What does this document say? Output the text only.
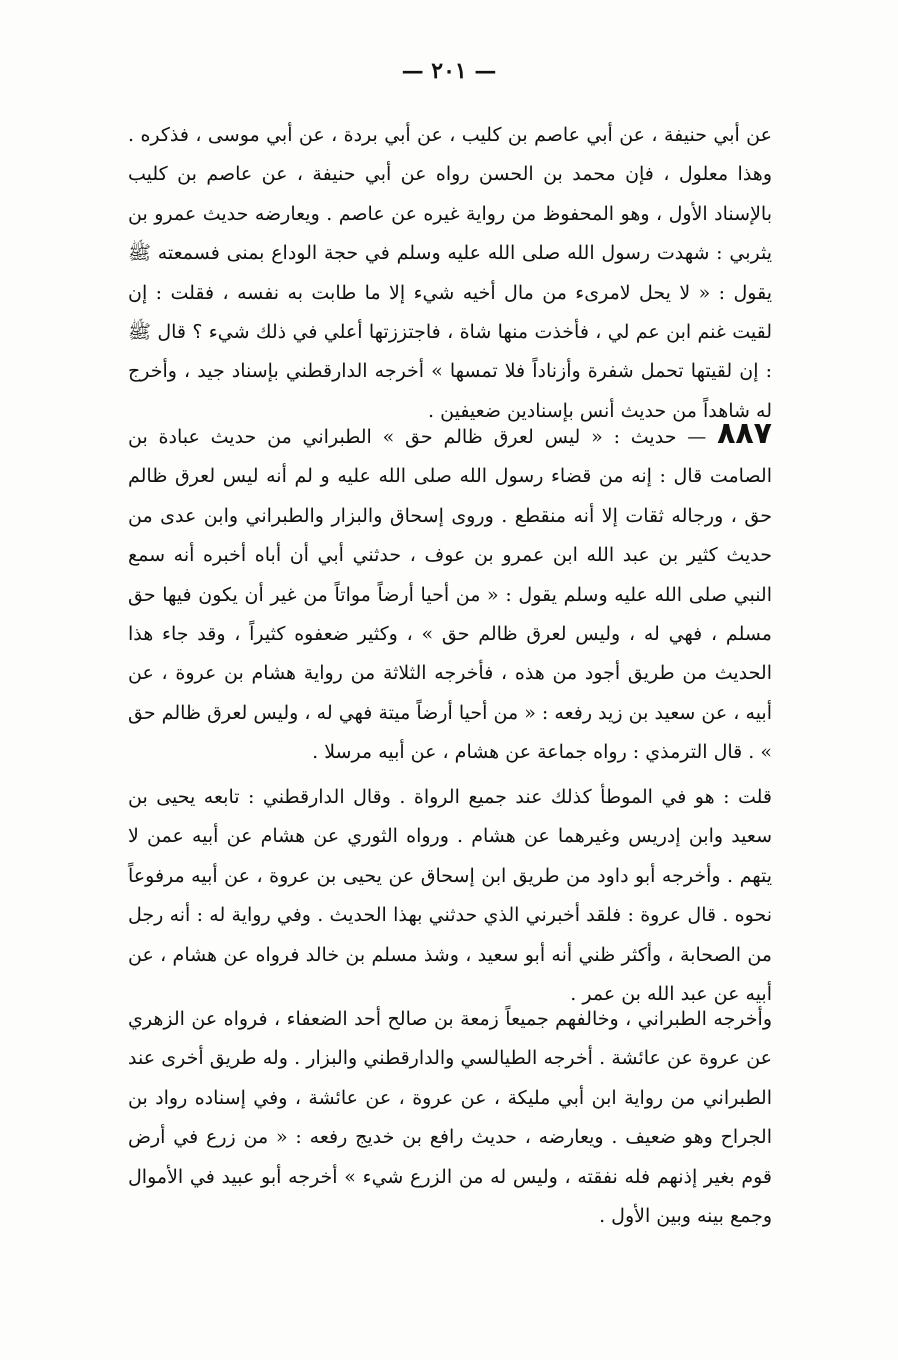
— ٢٠١ —

عن أبي حنيفة ، عن أبي عاصم بن كليب ، عن أبي بردة ، عن أبي موسى ، فذكره . وهذا معلول ، فإن محمد بن الحسن رواه عن أبي حنيفة ، عن عاصم بن كليب بالإسناد الأول ، وهو المحفوظ من رواية غيره عن عاصم . ويعارضه حديث عمرو بن يثربي : شهدت رسول الله صلى الله عليه وسلم في حجة الوداع بمنى فسمعته ﷺ يقول : « لا يحل لامرىء من مال أخيه شيء إلا ما طابت به نفسه ، فقلت : إن لقيت غنم ابن عم لي ، فأخذت منها شاة ، فاجتززتها أعلي في ذلك شيء ؟ قال ﷺ : إن لقيتها تحمل شفرة وأزناداً فلا تمسها » أخرجه الدارقطني بإسناد جيد ، وأخرج له شاهداً من حديث أنس بإسنادين ضعيفين .

٨٨٧ — حديث : « ليس لعرق ظالم حق » الطبراني من حديث عبادة بن الصامت قال : إنه من قضاء رسول الله صلى الله عليه و لم أنه ليس لعرق ظالم حق ، ورجاله ثقات إلا أنه منقطع . وروى إسحاق والبزار والطبراني وابن عدى من حديث كثير بن عبد الله ابن عمرو بن عوف ، حدثني أبي أن أباه أخبره أنه سمع النبي صلى الله عليه وسلم يقول : « من أحيا أرضاً مواتاً من غير أن يكون فيها حق مسلم ، فهي له ، وليس لعرق ظالم حق » ، وكثير ضعفوه كثيراً ، وقد جاء هذا الحديث من طريق أجود من هذه ، فأخرجه الثلاثة من رواية هشام بن عروة ، عن أبيه ، عن سعيد بن زيد رفعه : « من أحيا أرضاً ميتة فهي له ، وليس لعرق ظالم حق » . قال الترمذي : رواه جماعة عن هشام ، عن أبيه مرسلا .

قلت : هو في الموطأ كذلك عند جميع الرواة . وقال الدارقطني : تابعه يحيى بن سعيد وابن إدريس وغيرهما عن هشام . ورواه الثوري عن هشام عن أبيه عمن لا يتهم . وأخرجه أبو داود من طريق ابن إسحاق عن يحيى بن عروة ، عن أبيه مرفوعاً نحوه . قال عروة : فلقد أخبرني الذي حدثني بهذا الحديث . وفي رواية له : أنه رجل من الصحابة ، وأكثر ظني أنه أبو سعيد ، وشذ مسلم بن خالد فرواه عن هشام ، عن أبيه عن عبد الله بن عمر .

وأخرجه الطبراني ، وخالفهم جميعاً زمعة بن صالح أحد الضعفاء ، فرواه عن الزهري عن عروة عن عائشة . أخرجه الطيالسي والدارقطني والبزار . وله طريق أخرى عند الطبراني من رواية ابن أبي مليكة ، عن عروة ، عن عائشة ، وفي إسناده رواد بن الجراح وهو ضعيف . ويعارضه ، حديث رافع بن خديج رفعه : « من زرع في أرض قوم بغير إذنهم فله نفقته ، وليس له من الزرع شيء » أخرجه أبو عبيد في الأموال وجمع بينه وبين الأول .
